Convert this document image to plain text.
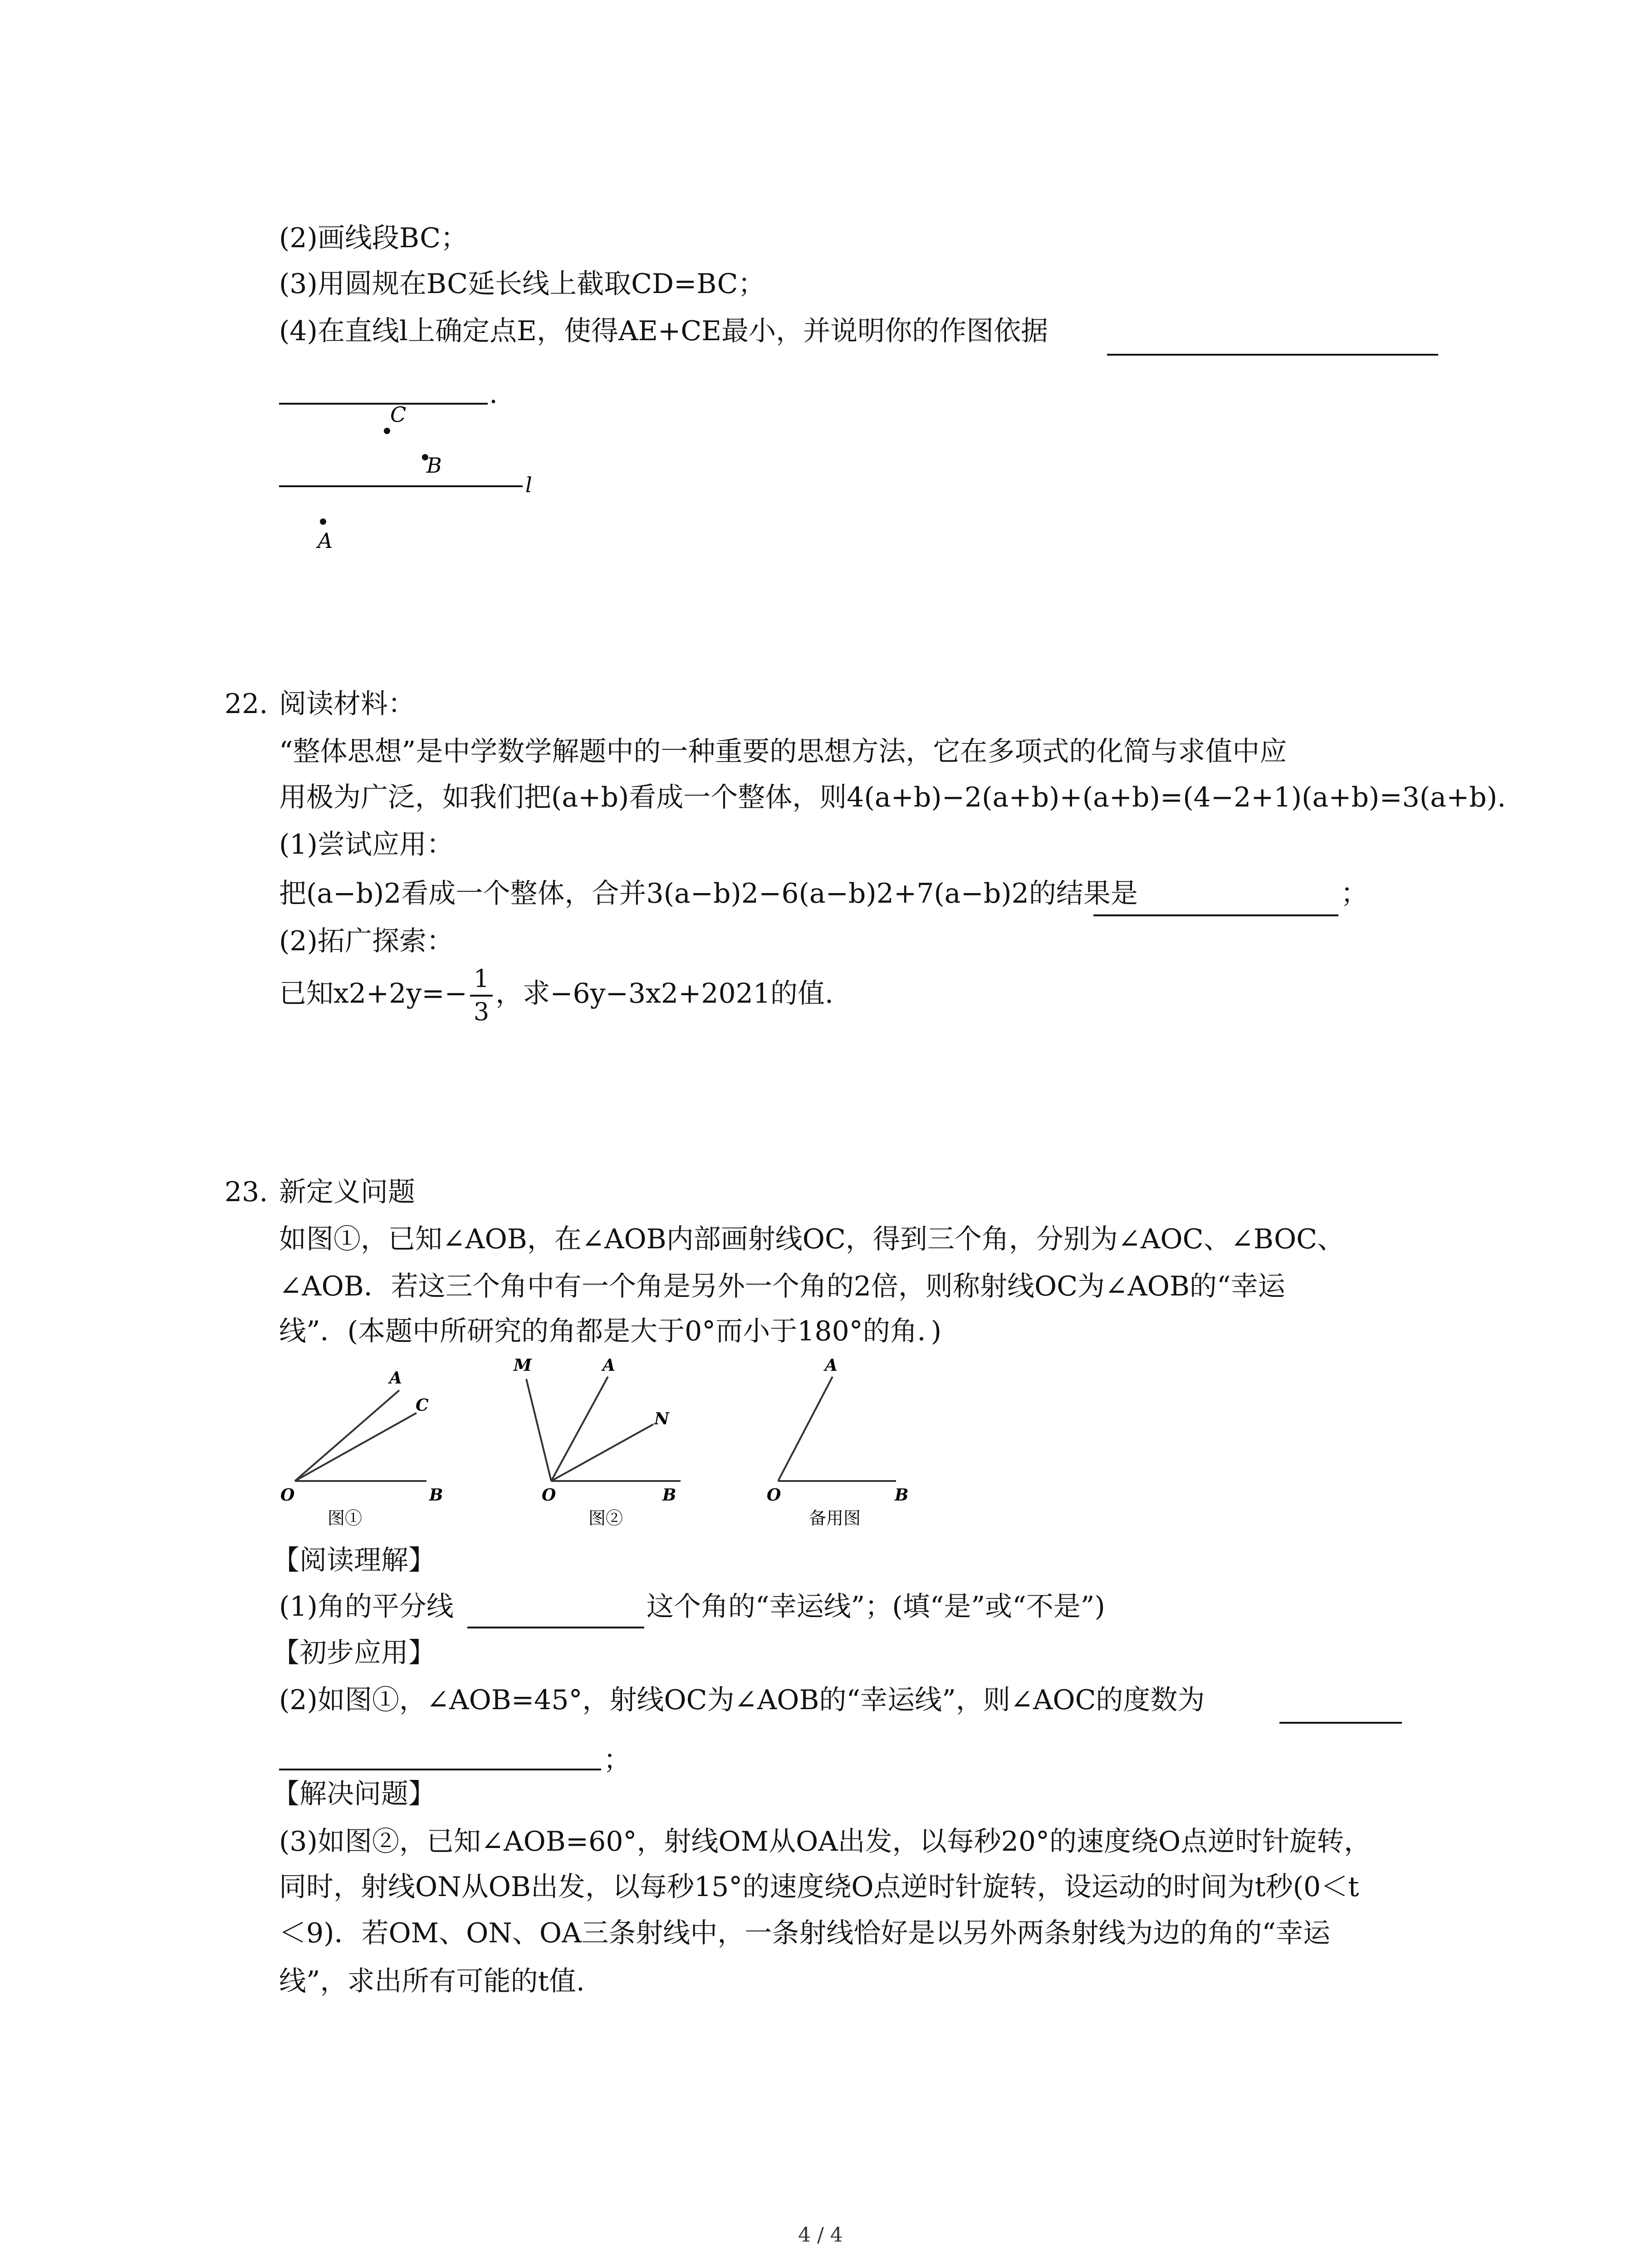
(2)画线段BC；
(3)用圆规在BC延长线上截取CD=BC；
(4)在直线l上确定点E，使得AE+CE最小，并说明你的作图依据
.
C
B
l
A
22. 阅读材料：
“整体思想”是中学数学解题中的一种重要的思想方法，它在多项式的化简与求值中应
用极为广泛，如我们把(a+b)看成一个整体，则4(a+b)−2(a+b)+(a+b)=(4−2+1)(a+b)=3(a+b).
(1)尝试应用：
把(a−b)2看成一个整体，合并3(a−b)2−6(a−b)2+7(a−b)2的结果是	；
(2)拓广探索：
已知$x2+2y=- \frac{1}{3}$ ，求−6y−3x2+2021的值.
23. 新定义问题
如图①，已知∠AOB，在∠AOB内部画射线OC，得到三个角，分别为∠AOC、∠BOC、
∠AOB．若这三个角中有一个角是另外一个角的2倍，则称射线OC为∠AOB的“幸运
线”．(本题中所研究的角都是大于0°而小于180°的角．)
A
C
O	B
图①
M	A
N
O	B
图②
A
O	B
备用图
【阅读理解】
(1)角的平分线	这个角的“幸运线”；(填“是”或“不是”)
【初步应用】
(2)如图①，∠AOB=45°，射线OC为∠AOB的“幸运线”，则∠AOC的度数为
；
【解决问题】
(3)如图②，已知∠AOB=60°，射线OM从OA出发，以每秒20°的速度绕O点逆时针旋转，
同时，射线ON从OB出发，以每秒15°的速度绕O点逆时针旋转，设运动的时间为t秒(0＜t
＜9)．若OM、ON、OA三条射线中，一条射线恰好是以另外两条射线为边的角的“幸运
线”，求出所有可能的t值.
4 / 4
